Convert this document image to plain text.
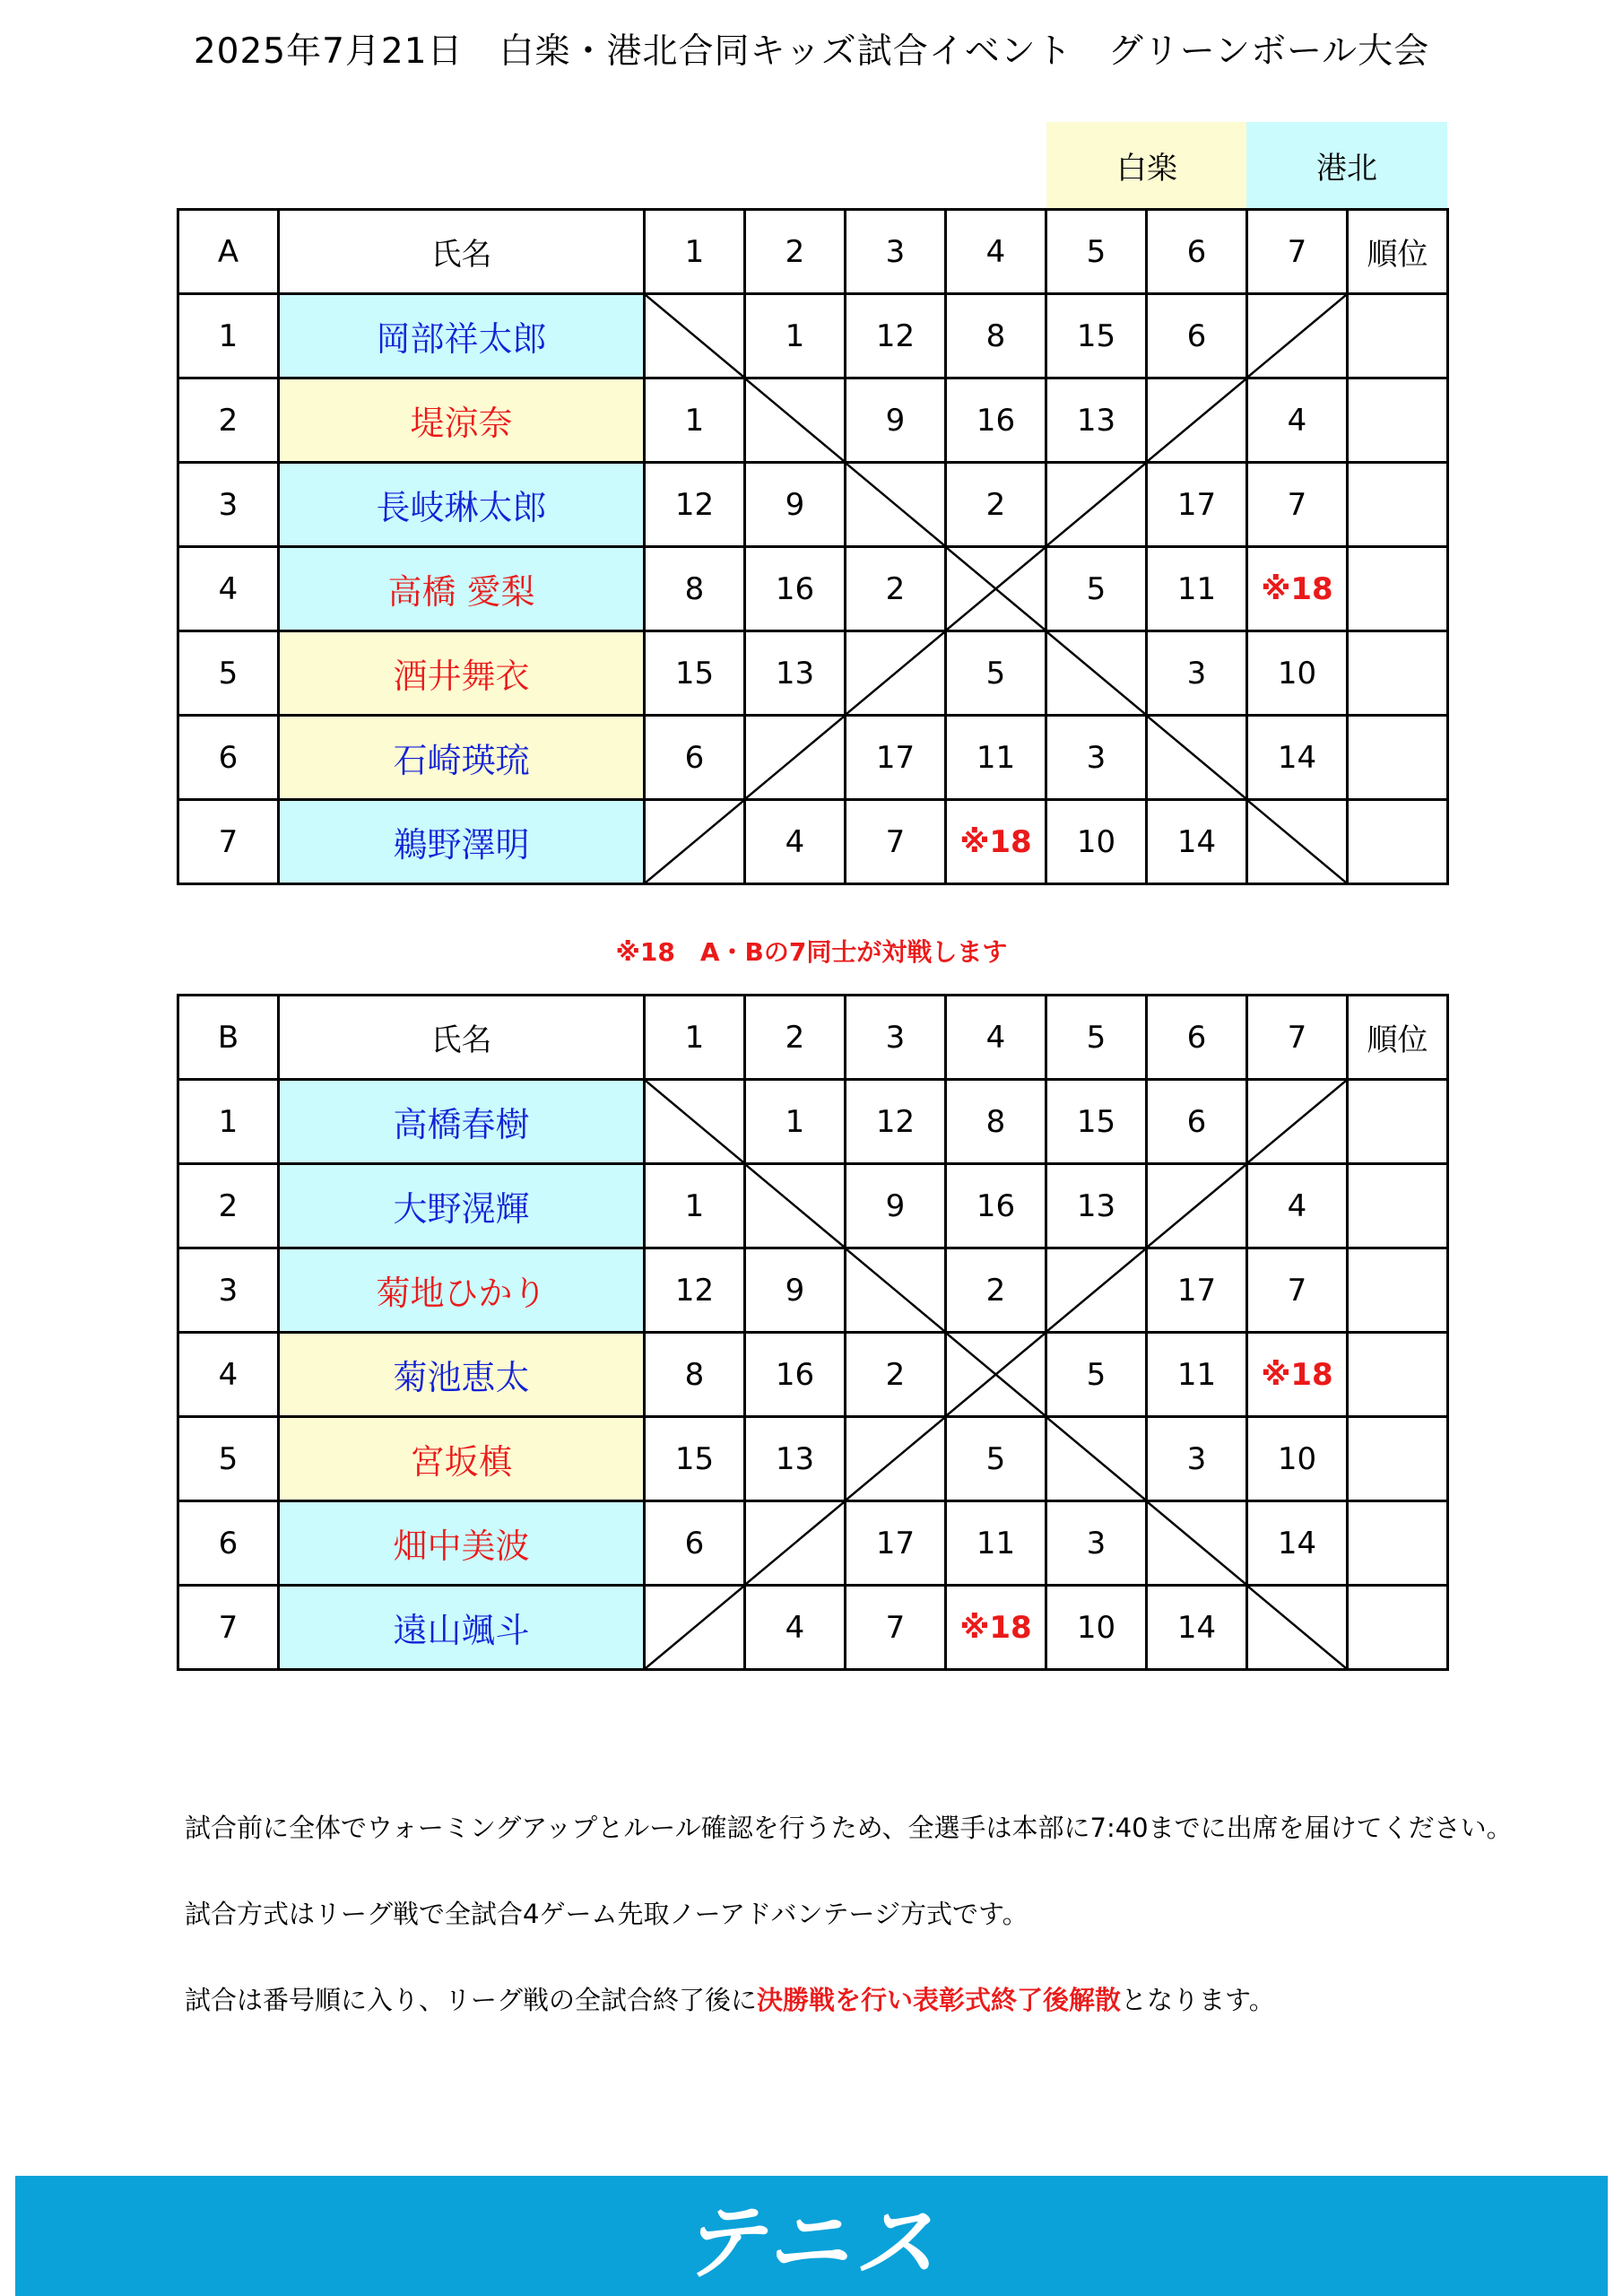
2025年7月21日　白楽・港北合同キッズ試合イベント　グリーンボール大会
白楽	港北
A	氏名	1	2	3	4	5	6	7	順位
1	岡部祥太郎		1	12	8	15	6	

2	堤涼奈	1		9	16	13		4	
3	長岐琳太郎	12	9		2		17	7	
4	高橋 愛梨	8	16	2		5	11	※18	
5	酒井舞衣	15	13		5		3	10	
6	石崎瑛琉	6		17	11	3		14	
7	鵜野澤明		4	7	※18	10	14	

※18　A・Bの7同士が対戦します
B	氏名	1	2	3	4	5	6	7	順位
1	高橋春樹		1	12	8	15	6	

2	大野滉輝	1		9	16	13		4	
3	菊地ひかり	12	9		2		17	7	
4	菊池恵太	8	16	2		5	11	※18	
5	宮坂槙	15	13		5		3	10	
6	畑中美波	6		17	11	3		14	
7	遠山颯斗		4	7	※18	10	14	

試合前に全体でウォーミングアップとルール確認を行うため、全選手は本部に7:40までに出席を届けてください。
試合方式はリーグ戦で全試合4ゲーム先取ノーアドバンテージ方式です。
試合は番号順に入り、リーグ戦の全試合終了後に決勝戦を行い表彰式終了後解散となります。
テニス
